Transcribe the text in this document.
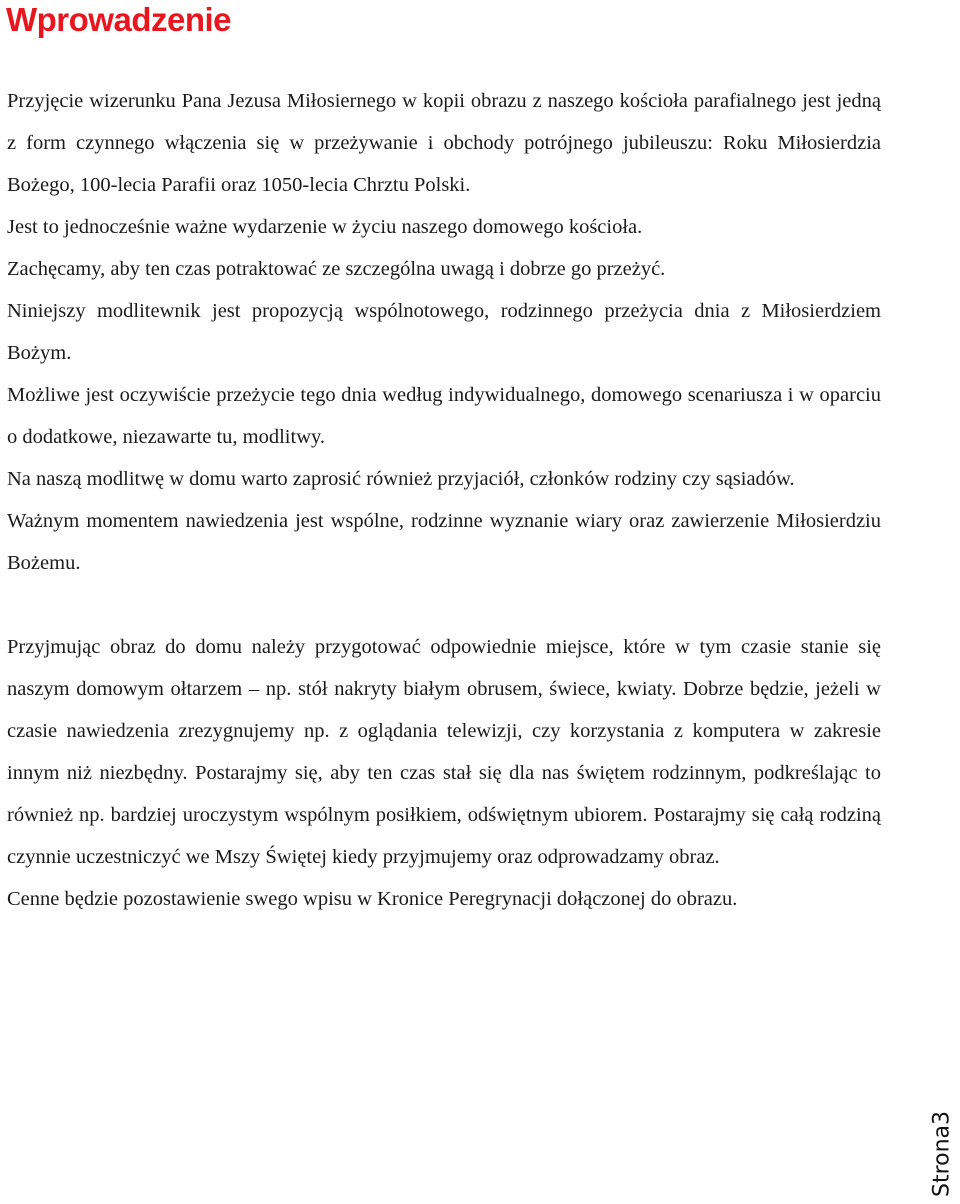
Wprowadzenie

Przyjęcie wizerunku Pana Jezusa Miłosiernego w kopii obrazu z naszego kościoła parafialnego jest jedną z form czynnego włączenia się w przeżywanie i obchody potrójnego jubileuszu: Roku Miłosierdzia Bożego, 100-lecia Parafii oraz 1050-lecia Chrztu Polski.

Jest to jednocześnie ważne wydarzenie w życiu naszego domowego kościoła.

Zachęcamy, aby ten czas potraktować ze szczególna uwagą i dobrze go przeżyć.

Niniejszy modlitewnik jest propozycją wspólnotowego, rodzinnego przeżycia dnia z Miłosierdziem Bożym.

Możliwe jest oczywiście przeżycie tego dnia według indywidualnego, domowego scenariusza i w oparciu o dodatkowe, niezawarte tu, modlitwy.

Na naszą modlitwę w domu warto zaprosić również przyjaciół, członków rodziny czy sąsiadów.

Ważnym momentem nawiedzenia jest wspólne, rodzinne wyznanie wiary oraz zawierzenie Miłosierdziu Bożemu.

Przyjmując obraz do domu należy przygotować odpowiednie miejsce, które w tym czasie stanie się naszym domowym ołtarzem – np. stół nakryty białym obrusem, świece, kwiaty. Dobrze będzie, jeżeli w czasie nawiedzenia zrezygnujemy np. z oglądania telewizji, czy korzystania z komputera w zakresie innym niż niezbędny. Postarajmy się, aby ten czas stał się dla nas świętem rodzinnym, podkreślając to również np. bardziej uroczystym wspólnym posiłkiem, odświętnym ubiorem. Postarajmy się całą rodziną czynnie uczestniczyć we Mszy Świętej kiedy przyjmujemy oraz odprowadzamy obraz.

Cenne będzie pozostawienie swego wpisu w Kronice Peregrynacji dołączonej do obrazu.

Strona3
